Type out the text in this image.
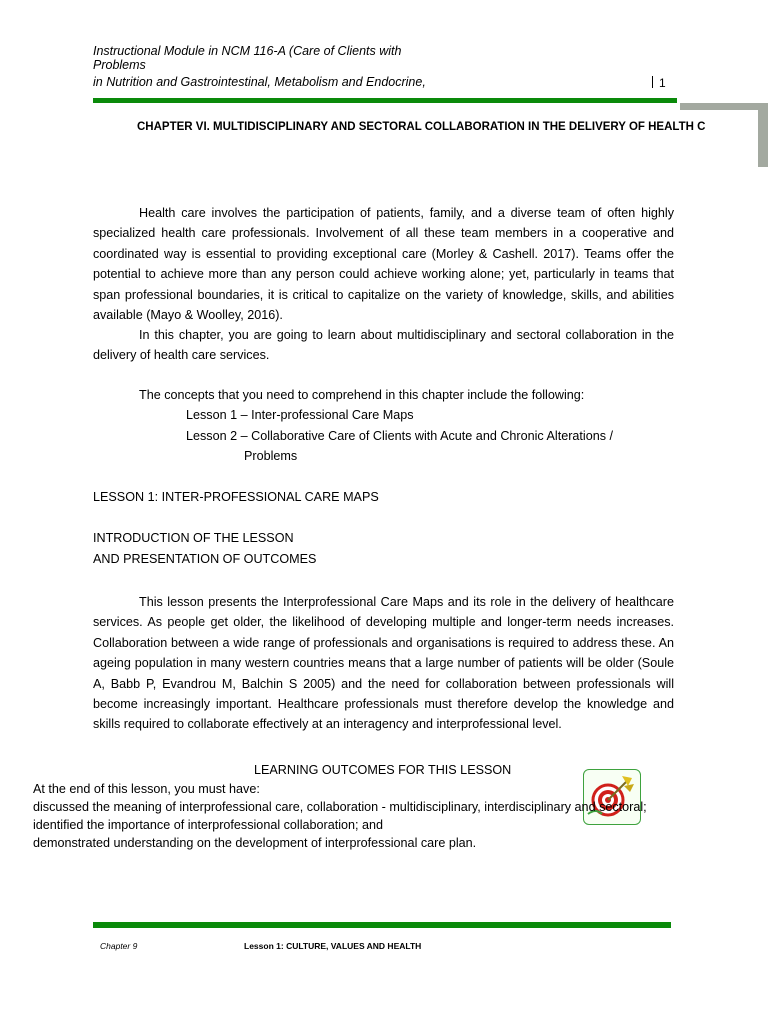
Instructional Module in NCM 116-A (Care of Clients with
Problems
in Nutrition and Gastrointestinal, Metabolism and Endocrine,	1
CHAPTER VI. MULTIDISCIPLINARY AND SECTORAL COLLABORATION IN THE DELIVERY OF HEALTH C

Health care involves the participation of patients, family, and a diverse team of often highly specialized health care professionals. Involvement of all these team members in a cooperative and coordinated way is essential to providing exceptional care (Morley & Cashell. 2017). Teams offer the potential to achieve more than any person could achieve working alone; yet, particularly in teams that span professional boundaries, it is critical to capitalize on the variety of knowledge, skills, and abilities available (Mayo & Woolley, 2016).

In this chapter, you are going to learn about multidisciplinary and sectoral collaboration in the delivery of health care services.

The concepts that you need to comprehend in this chapter include the following:
Lesson 1 – Inter-professional Care Maps
Lesson 2 – Collaborative Care of Clients with Acute and Chronic Alterations /
Problems
LESSON 1: INTER-PROFESSIONAL CARE MAPS
INTRODUCTION OF THE LESSON
AND PRESENTATION OF OUTCOMES

This lesson presents the Interprofessional Care Maps and its role in the delivery of healthcare services. As people get older, the likelihood of developing multiple and longer-term needs increases. Collaboration between a wide range of professionals and organisations is required to address these. An ageing population in many western countries means that a large number of patients will be older (Soule A, Babb P, Evandrou M, Balchin S 2005) and the need for collaboration between professionals will become increasingly important. Healthcare professionals must therefore develop the knowledge and skills required to collaborate effectively at an interagency and interprofessional level.

LEARNING OUTCOMES FOR THIS LESSON
At the end of this lesson, you must have:
discussed the meaning of interprofessional care, collaboration - multidisciplinary, interdisciplinary and sectoral;
identified the importance of interprofessional collaboration; and
demonstrated understanding on the development of interprofessional care plan.
Chapter 9	Lesson 1: CULTURE, VALUES AND HEALTH
